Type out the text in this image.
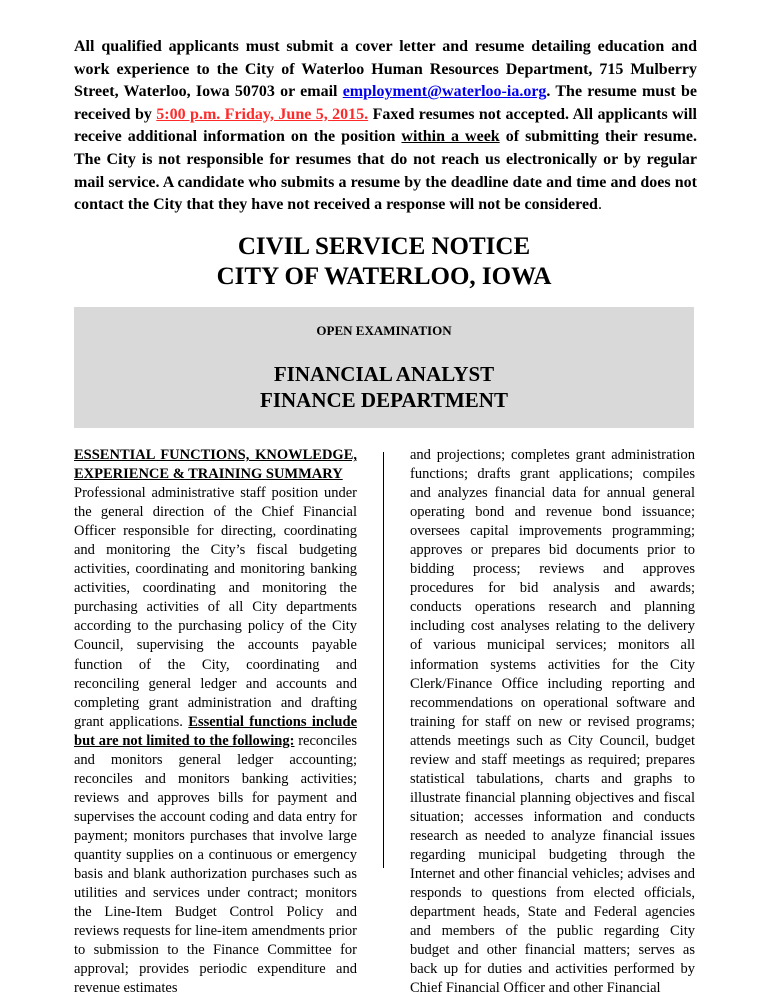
All qualified applicants must submit a cover letter and resume detailing education and work experience to the City of Waterloo Human Resources Department, 715 Mulberry Street, Waterloo, Iowa 50703 or email employment@waterloo-ia.org. The resume must be received by 5:00 p.m. Friday, June 5, 2015. Faxed resumes not accepted. All applicants will receive additional information on the position within a week of submitting their resume. The City is not responsible for resumes that do not reach us electronically or by regular mail service. A candidate who submits a resume by the deadline date and time and does not contact the City that they have not received a response will not be considered.
CIVIL SERVICE NOTICE
CITY OF WATERLOO, IOWA
OPEN EXAMINATION
FINANCIAL ANALYST
FINANCE DEPARTMENT
ESSENTIAL FUNCTIONS, KNOWLEDGE, EXPERIENCE & TRAINING SUMMARY
Professional administrative staff position under the general direction of the Chief Financial Officer responsible for directing, coordinating and monitoring the City’s fiscal budgeting activities, coordinating and monitoring banking activities, coordinating and monitoring the purchasing activities of all City departments according to the purchasing policy of the City Council, supervising the accounts payable function of the City, coordinating and reconciling general ledger and accounts and completing grant administration and drafting grant applications. Essential functions include but are not limited to the following: reconciles and monitors general ledger accounting; reconciles and monitors banking activities; reviews and approves bills for payment and supervises the account coding and data entry for payment; monitors purchases that involve large quantity supplies on a continuous or emergency basis and blank authorization purchases such as utilities and services under contract; monitors the Line-Item Budget Control Policy and reviews requests for line-item amendments prior to submission to the Finance Committee for approval; provides periodic expenditure and revenue estimates
and projections; completes grant administration functions; drafts grant applications; compiles and analyzes financial data for annual general operating bond and revenue bond issuance; oversees capital improvements programming; approves or prepares bid documents prior to bidding process; reviews and approves procedures for bid analysis and awards; conducts operations research and planning including cost analyses relating to the delivery of various municipal services; monitors all information systems activities for the City Clerk/Finance Office including reporting and recommendations on operational software and training for staff on new or revised programs; attends meetings such as City Council, budget review and staff meetings as required; prepares statistical tabulations, charts and graphs to illustrate financial planning objectives and fiscal situation; accesses information and conducts research as needed to analyze financial issues regarding municipal budgeting through the Internet and other financial vehicles; advises and responds to questions from elected officials, department heads, State and Federal agencies and members of the public regarding City budget and other financial matters; serves as back up for duties and activities performed by Chief Financial Officer and other Financial
